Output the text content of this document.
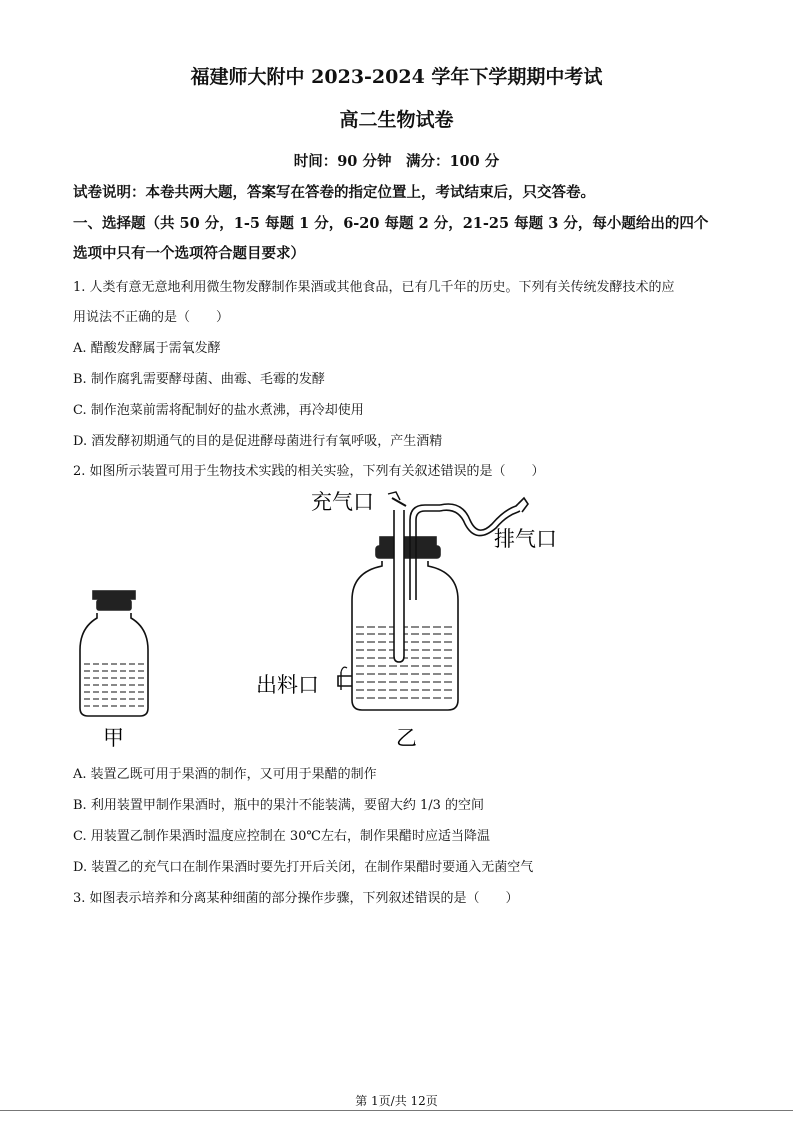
福建师大附中 2023-2024 学年下学期期中考试
高二生物试卷
时间：90 分钟　满分：100 分
试卷说明：本卷共两大题，答案写在答卷的指定位置上，考试结束后，只交答卷。
一、选择题（共 50 分，1-5 每题 1 分，6-20 每题 2 分，21-25 每题 3 分，每小题给出的四个
选项中只有一个选项符合题目要求）
1. 人类有意无意地利用微生物发酵制作果酒或其他食品，已有几千年的历史。下列有关传统发酵技术的应
用说法不正确的是（　　）
A. 醋酸发酵属于需氧发酵
B. 制作腐乳需要酵母菌、曲霉、毛霉的发酵
C. 制作泡菜前需将配制好的盐水煮沸，再冷却使用
D. 酒发酵初期通气的目的是促进酵母菌进行有氧呼吸，产生酒精
2. 如图所示装置可用于生物技术实践的相关实验，下列有关叙述错误的是（　　）
充气口
排气口
出料口
甲	乙
A. 装置乙既可用于果酒的制作，又可用于果醋的制作
B. 利用装置甲制作果酒时，瓶中的果汁不能装满，要留大约 1/3 的空间
C. 用装置乙制作果酒时温度应控制在 30℃左右，制作果醋时应适当降温
D. 装置乙的充气口在制作果酒时要先打开后关闭，在制作果醋时要通入无菌空气
3. 如图表示培养和分离某种细菌的部分操作步骤，下列叙述错误的是（　　）
第 1页/共 12页
